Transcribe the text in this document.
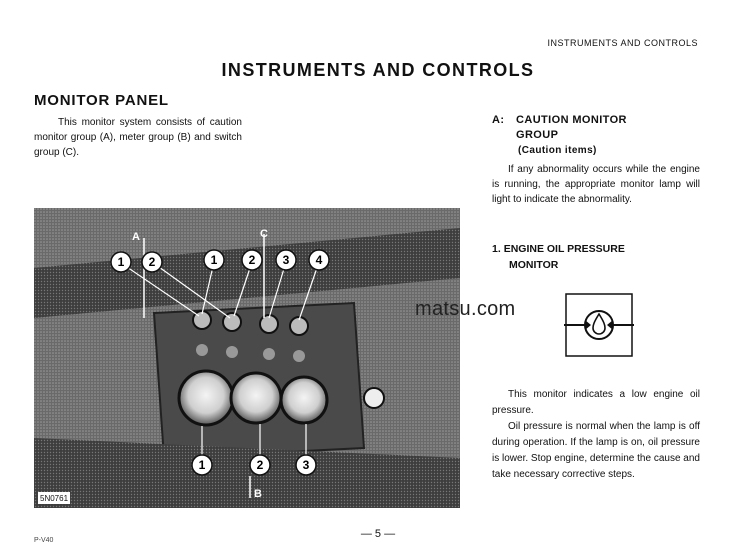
INSTRUMENTS AND CONTROLS
INSTRUMENTS AND CONTROLS
MONITOR PANEL

This monitor system consists of caution monitor group (A), meter group (B) and switch group (C).

A	C
B
1 2	1	2 3 4
1	2	3
5N0761
A: CAUTION MONITOR
GROUP
(Caution items)

If any abnormality occurs while the engine is running, the appropriate monitor lamp will light to indicate the abnormality.

1. ENGINE OIL PRESSURE
MONITOR
matsu.com

This monitor indicates a low engine oil pressure.

Oil pressure is normal when the lamp is off during operation. If the lamp is on, oil pressure is lower. Stop engine, determine the cause and take necessary corrective steps.

— 5 —
P-V40
